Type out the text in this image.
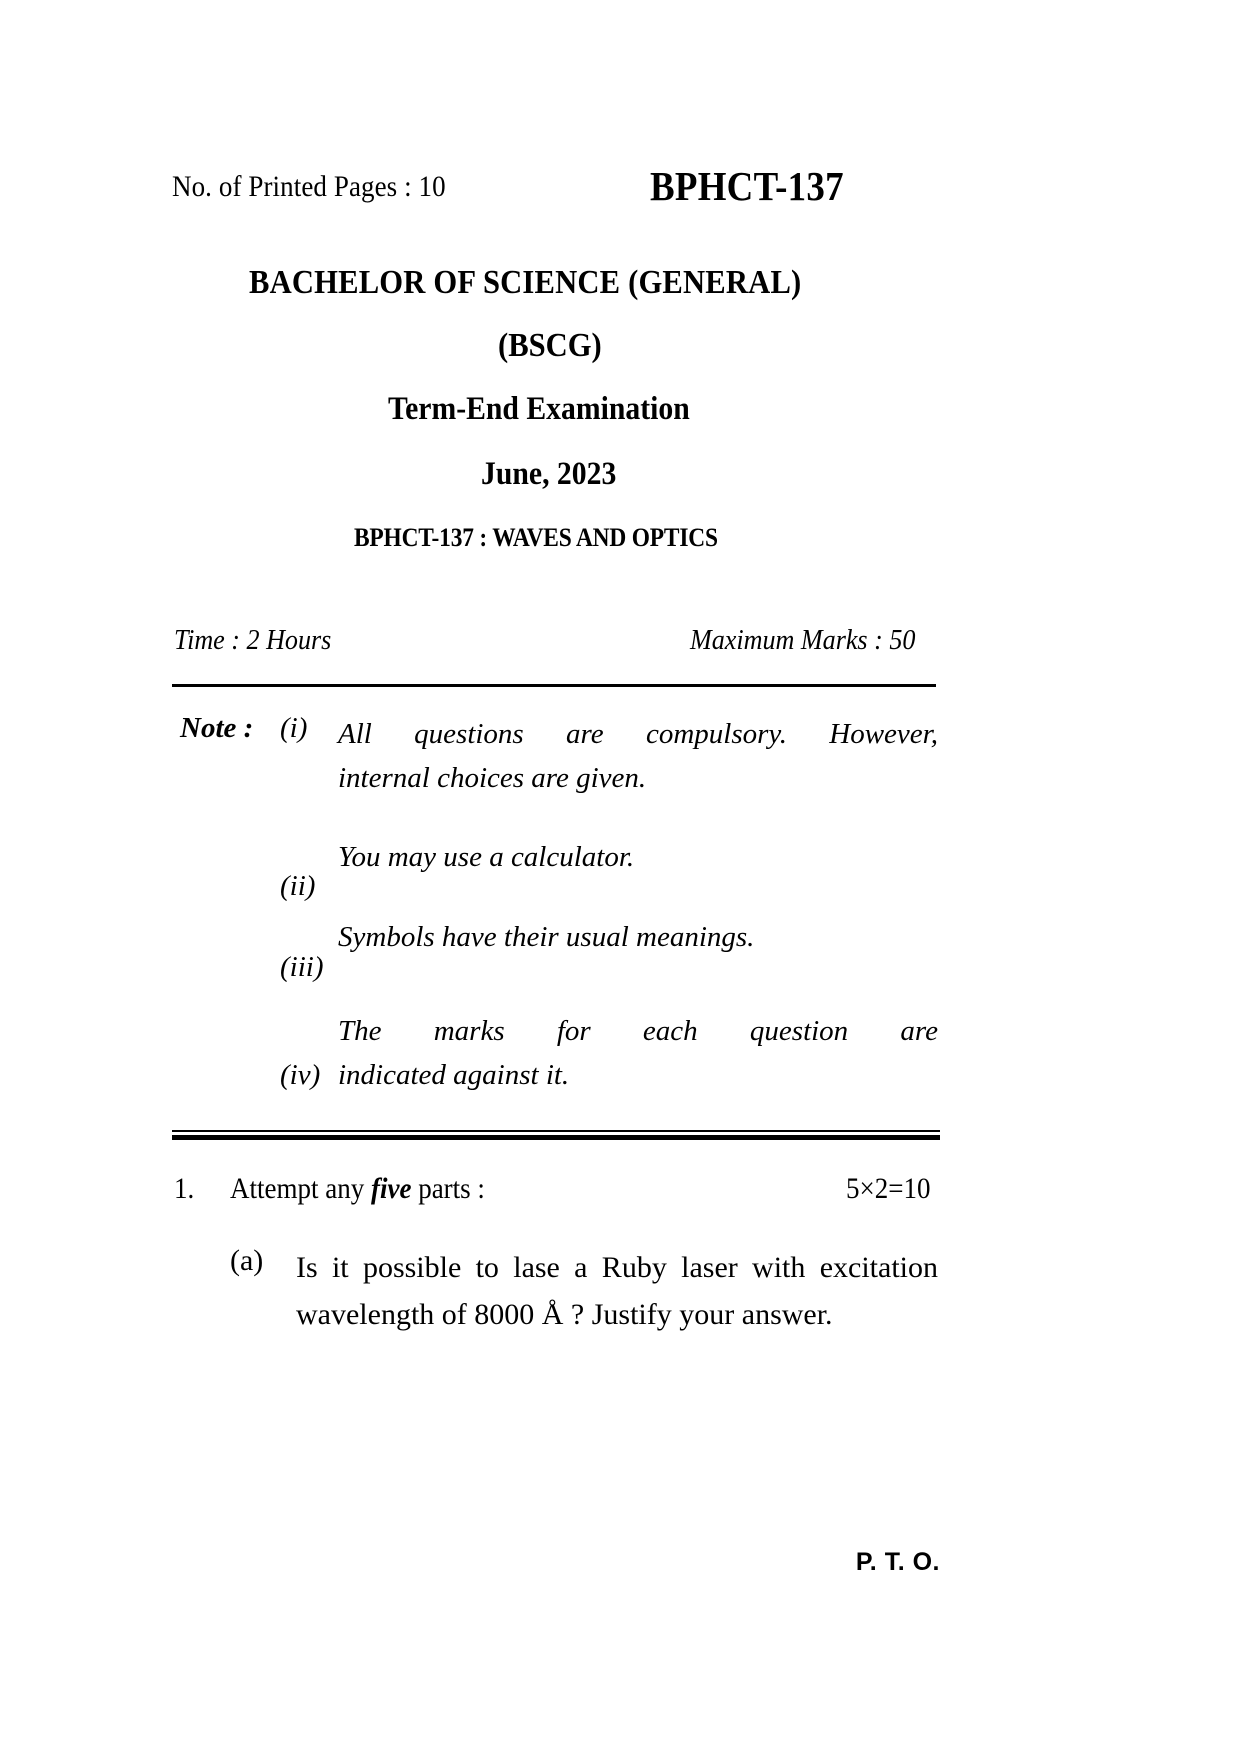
No. of Printed Pages : 10	BPHCT-137
BACHELOR OF SCIENCE (GENERAL)
(BSCG)
Term-End Examination
June, 2023
BPHCT-137 : WAVES AND OPTICS
Time : 2 Hours	Maximum Marks : 50
Note : (i)	All questions are compulsory. However,
internal choices are given.
(ii)
You may use a calculator.
(iii)
Symbols have their usual meanings.
(iv)
The marks for each question are
indicated against it.
1. Attempt any five parts :	5×2=10
(a) Is it possible to lase a Ruby laser with excitation wavelength of 8000 Å ? Justify your answer.
P. T. O.
